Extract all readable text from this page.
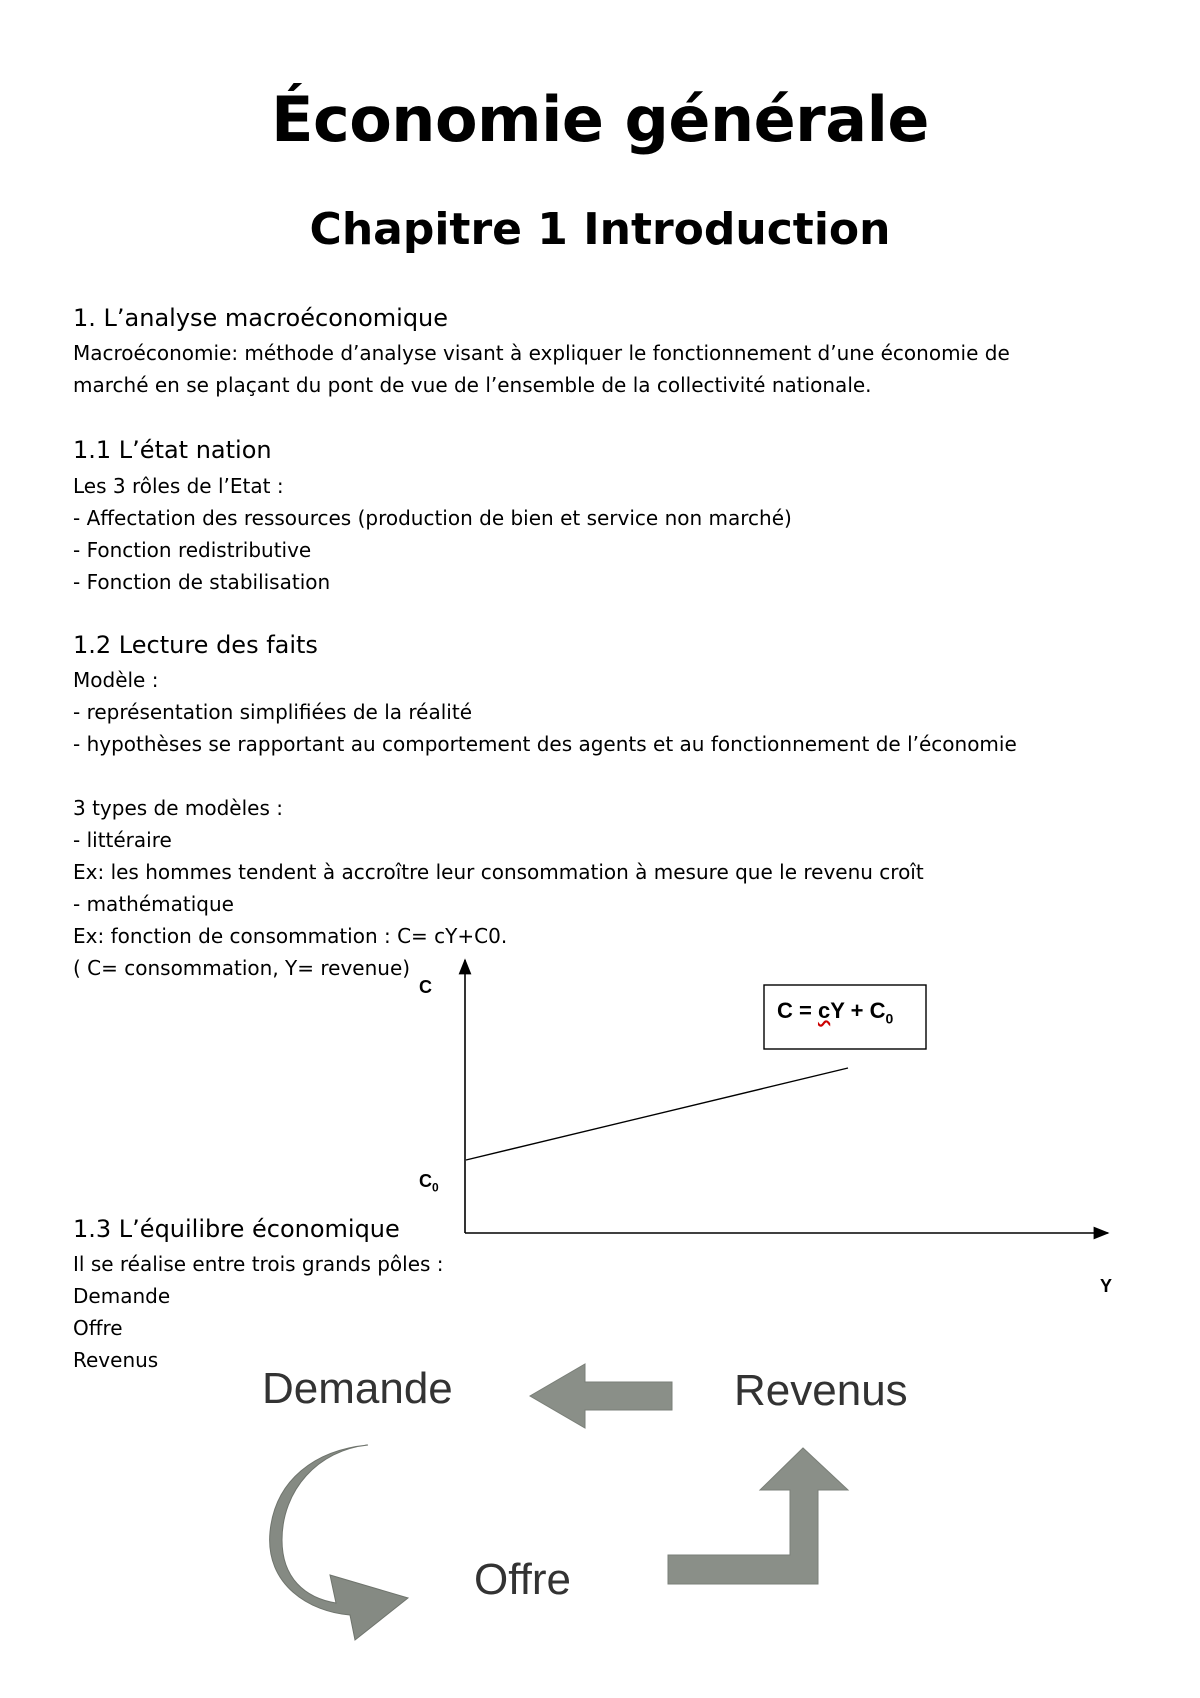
Économie générale
Chapitre 1 Introduction
1. L’analyse macroéconomique
Macroéconomie: méthode d’analyse visant à expliquer le fonctionnement d’une économie de
marché en se plaçant du pont de vue de l’ensemble de la collectivité nationale.
1.1 L’état nation
Les 3 rôles de l’Etat :
- Affectation des ressources (production de bien et service non marché)
- Fonction redistributive
- Fonction de stabilisation
1.2 Lecture des faits
Modèle :
- représentation simplifiées de la réalité
- hypothèses se rapportant au comportement des agents et au fonctionnement de l’économie
3 types de modèles :
- littéraire
Ex: les hommes tendent à accroître leur consommation à mesure que le revenu croît
- mathématique
Ex: fonction de consommation : C= cY+C0.
( C= consommation, Y= revenue)
C
Y
$C_0$
C = cY + $C_0$
1.3 L’équilibre économique
Il se réalise entre trois grands pôles :
Demande
Offre
Revenus
Demande	Revenus
Offre
